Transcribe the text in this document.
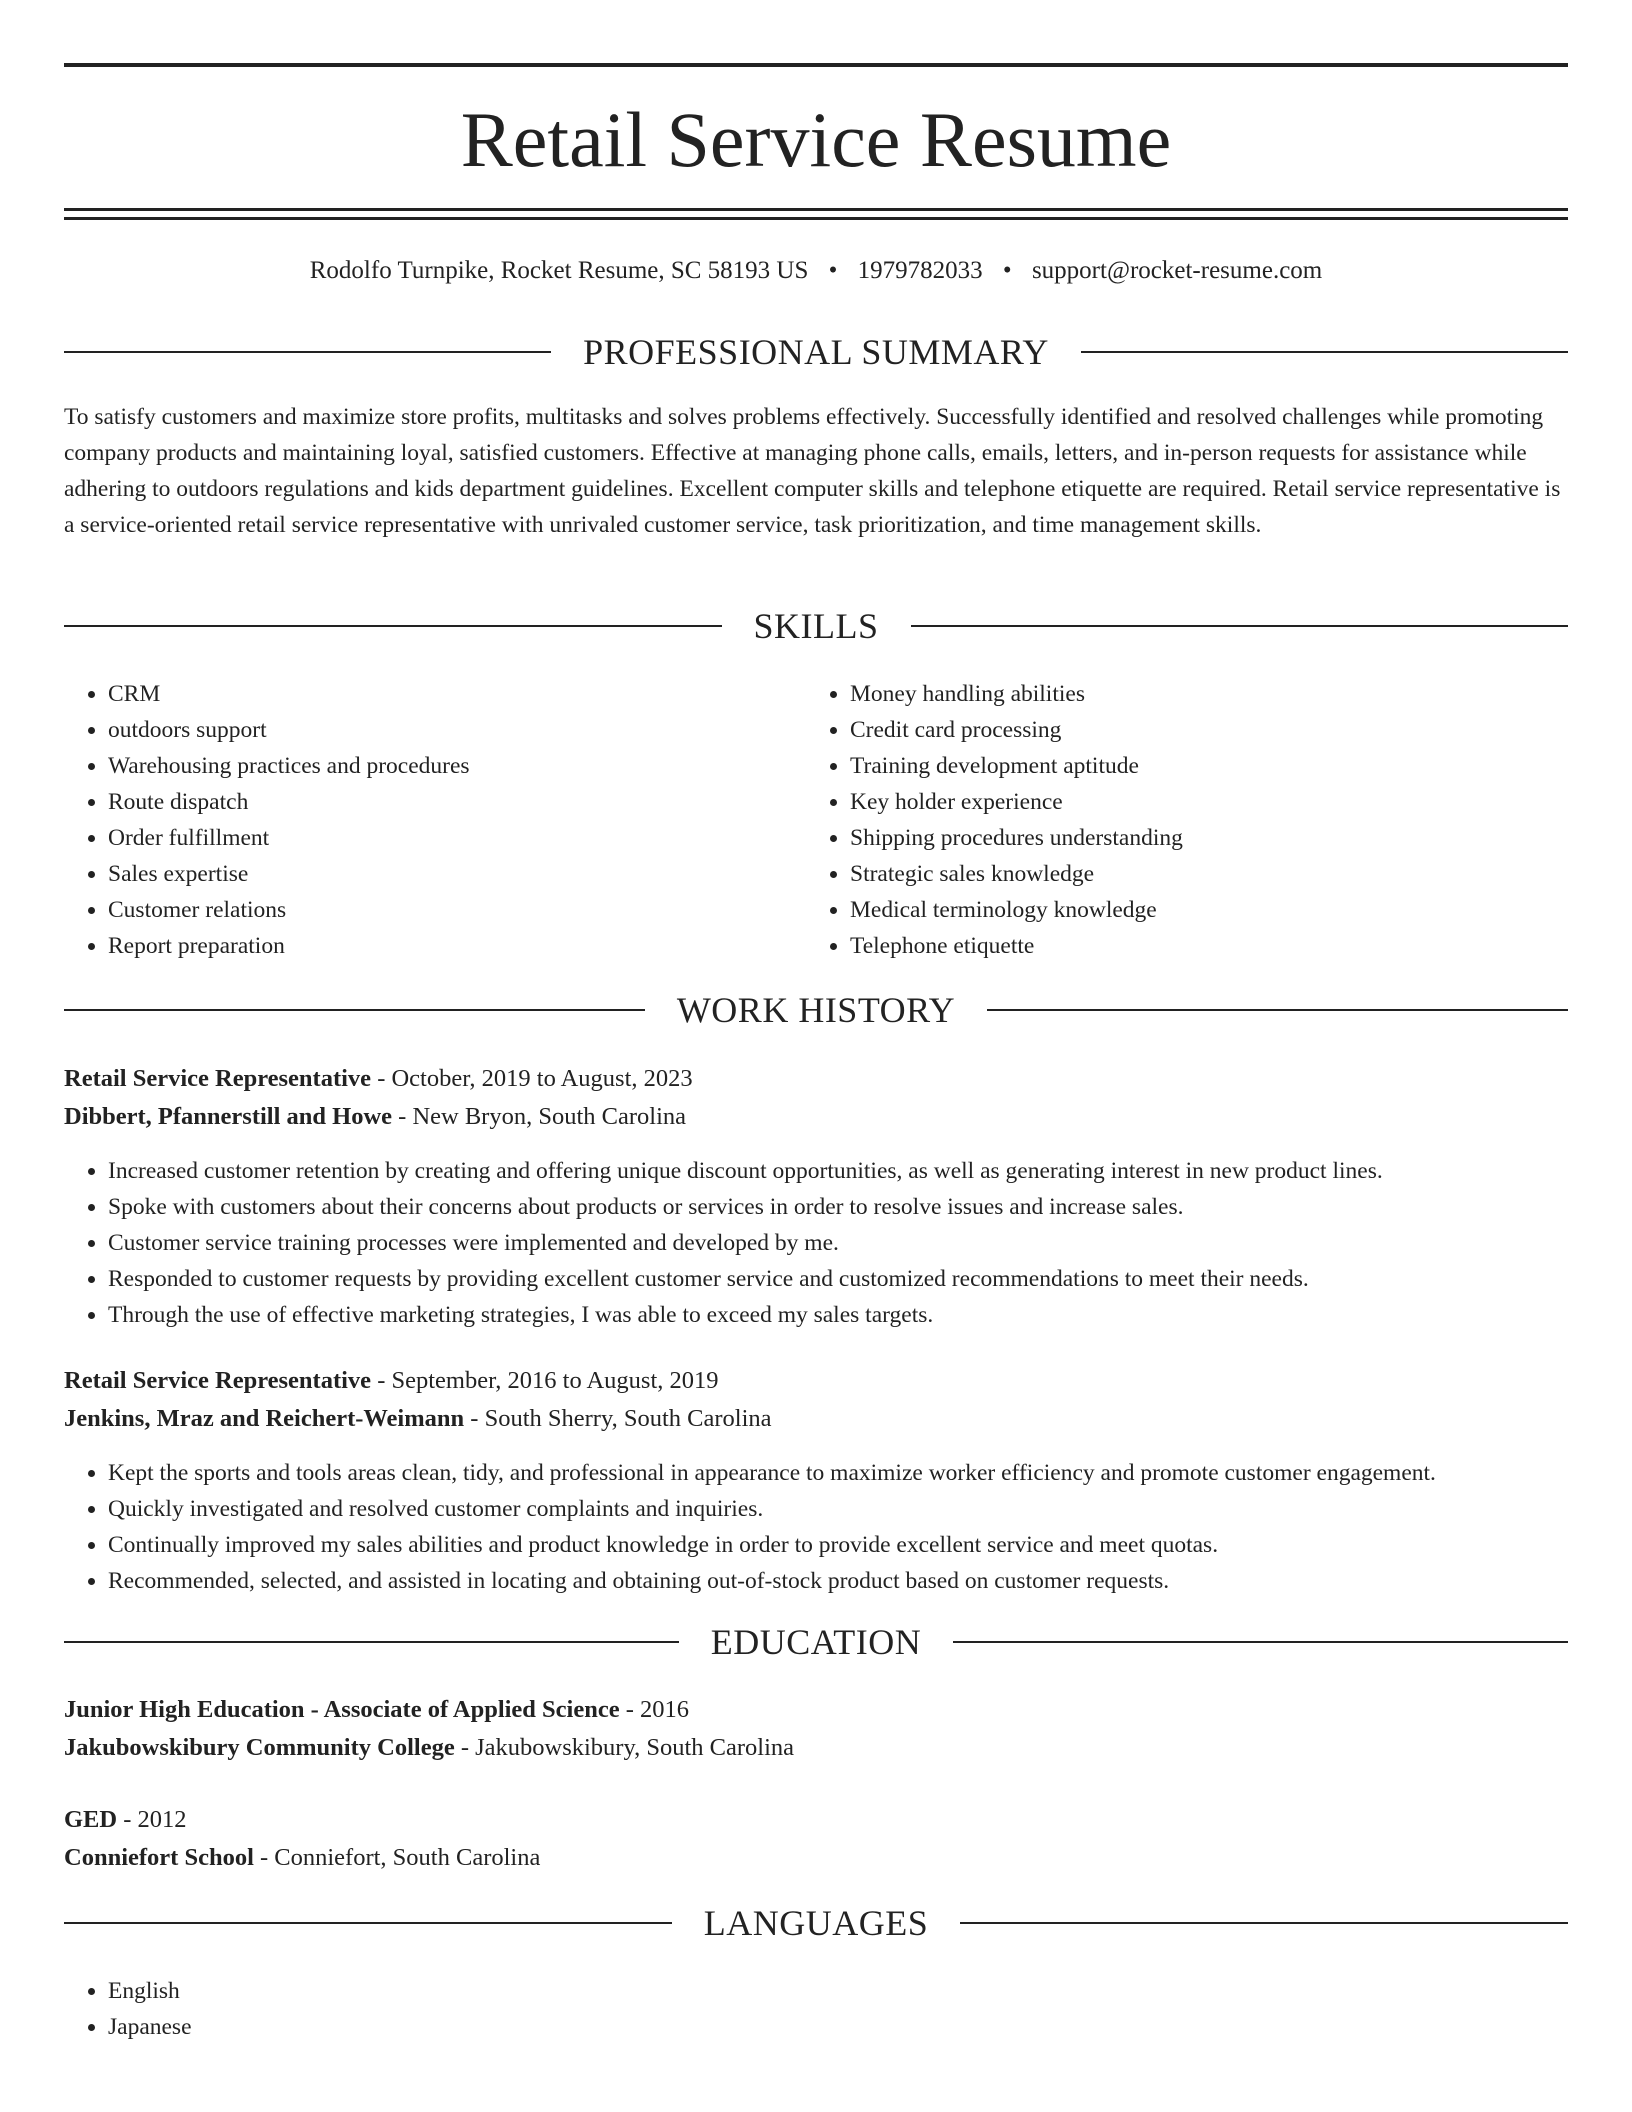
Retail Service Resume
Rodolfo Turnpike, Rocket Resume, SC 58193 US • 1979782033 • support@rocket-resume.com
PROFESSIONAL SUMMARY

To satisfy customers and maximize store profits, multitasks and solves problems effectively. Successfully identified and resolved challenges while promoting company products and maintaining loyal, satisfied customers. Effective at managing phone calls, emails, letters, and in-person requests for assistance while adhering to outdoors regulations and kids department guidelines. Excellent computer skills and telephone etiquette are required. Retail service representative is a service-oriented retail service representative with unrivaled customer service, task prioritization, and time management skills.

SKILLS
• CRM
• outdoors support
• Warehousing practices and procedures
• Route dispatch
• Order fulfillment
• Sales expertise
• Customer relations
• Report preparation
• Money handling abilities
• Credit card processing
• Training development aptitude
• Key holder experience
• Shipping procedures understanding
• Strategic sales knowledge
• Medical terminology knowledge
• Telephone etiquette
WORK HISTORY
Retail Service Representative - October, 2019 to August, 2023
Dibbert, Pfannerstill and Howe - New Bryon, South Carolina
• Increased customer retention by creating and offering unique discount opportunities, as well as generating interest in new product lines.
• Spoke with customers about their concerns about products or services in order to resolve issues and increase sales.
• Customer service training processes were implemented and developed by me.
• Responded to customer requests by providing excellent customer service and customized recommendations to meet their needs.
• Through the use of effective marketing strategies, I was able to exceed my sales targets.
Retail Service Representative - September, 2016 to August, 2019
Jenkins, Mraz and Reichert-Weimann - South Sherry, South Carolina
• Kept the sports and tools areas clean, tidy, and professional in appearance to maximize worker efficiency and promote customer engagement.
• Quickly investigated and resolved customer complaints and inquiries.
• Continually improved my sales abilities and product knowledge in order to provide excellent service and meet quotas.
• Recommended, selected, and assisted in locating and obtaining out-of-stock product based on customer requests.
EDUCATION
Junior High Education - Associate of Applied Science - 2016
Jakubowskibury Community College - Jakubowskibury, South Carolina
GED - 2012
Conniefort School - Conniefort, South Carolina
LANGUAGES
• English
• Japanese
